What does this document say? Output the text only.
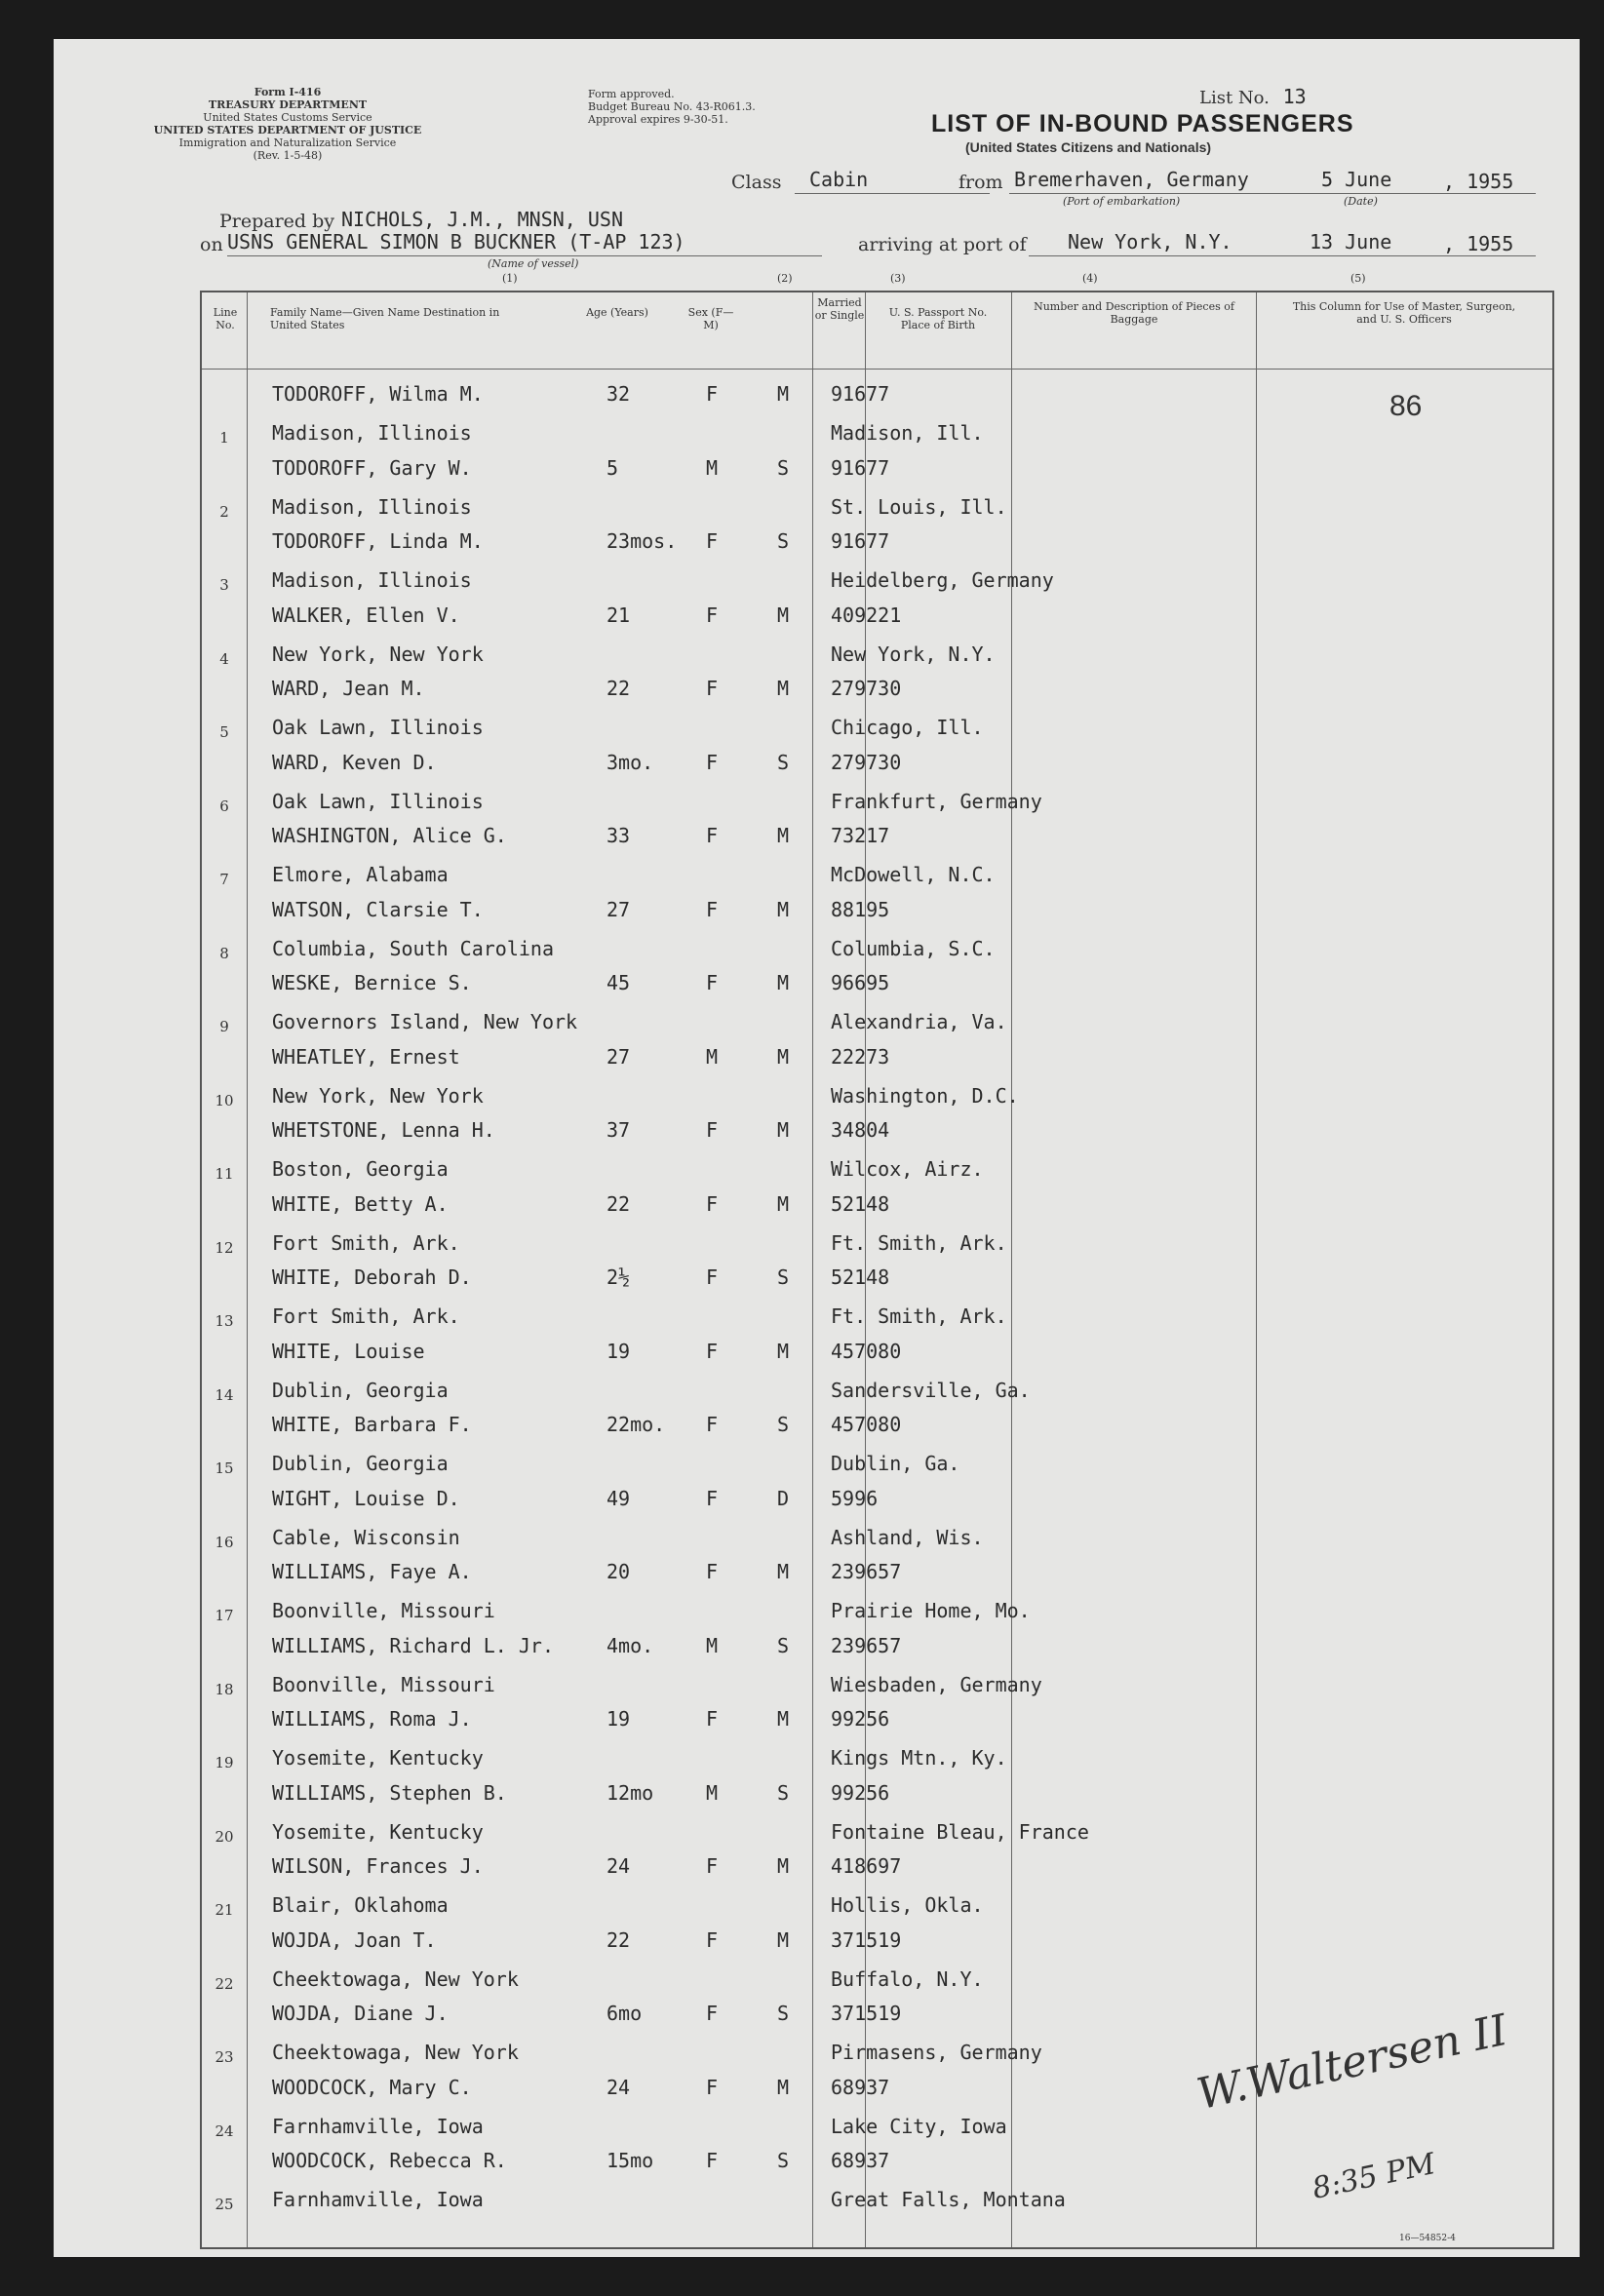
Form I-416
TREASURY DEPARTMENT
United States Customs Service
UNITED STATES DEPARTMENT OF JUSTICE
Immigration and Naturalization Service
(Rev. 1-5-48)
Form approved.
Budget Bureau No. 43-R061.3.
Approval expires 9-30-51.
List No. 13
LIST OF IN-BOUND PASSENGERS
(United States Citizens and Nationals)
Class Cabin	from Bremerhaven, Germany	5 June	, 1955
(Port of embarkation)	(Date)
Prepared by NICHOLS, J.M., MNSN, USN
on USNS GENERAL SIMON B BUCKNER (T-AP 123)
(Name of vessel)
arriving at port of New York, N.Y.	13 June	, 1955
(1)	(2)	(3)	(4)	(5)
Line No.
Family Name—Given Name Destination in United States
Age (Years)	Sex (F—M)
Married or Single	U. S. Passport No. Place of Birth
Number and Description of Pieces of Baggage
This Column for Use of Master, Surgeon, and U. S. Officers
86
1
TODOROFF, Wilma M.	32	F	M 91677
Madison, Illinois	Madison, Ill.
2
TODOROFF, Gary W.	5	M	S 91677
Madison, Illinois	St. Louis, Ill.
3
TODOROFF, Linda M.	23mos. F	S 91677
Madison, Illinois	Heidelberg, Germany
4
WALKER, Ellen V.	21	F	M 409221
New York, New York	New York, N.Y.
5
WARD, Jean M.	22	F	M 279730
Oak Lawn, Illinois	Chicago, Ill.
6
WARD, Keven D.	3mo.	F	S 279730
Oak Lawn, Illinois	Frankfurt, Germany
7
WASHINGTON, Alice G.	33	F	M 73217
Elmore, Alabama	McDowell, N.C.
8
WATSON, Clarsie T.	27	F	M 88195
Columbia, South Carolina	Columbia, S.C.
9
WESKE, Bernice S.	45	F	M 96695
Governors Island, New York	Alexandria, Va.
10
WHEATLEY, Ernest	27	M	M 22273
New York, New York	Washington, D.C.
11
WHETSTONE, Lenna H.	37	F	M 34804
Boston, Georgia	Wilcox, Airz.
12
WHITE, Betty A.	22	F	M 52148
Fort Smith, Ark.	Ft. Smith, Ark.
13
WHITE, Deborah D.	2½	F	S 52148
Fort Smith, Ark.	Ft. Smith, Ark.
14
WHITE, Louise	19	F	M 457080
Dublin, Georgia	Sandersville, Ga.
15
WHITE, Barbara F.	22mo. F	S 457080
Dublin, Georgia	Dublin, Ga.
16
WIGHT, Louise D.	49	F	D 5996
Cable, Wisconsin	Ashland, Wis.
17
WILLIAMS, Faye A.	20	F	M 239657
Boonville, Missouri	Prairie Home, Mo.
18
WILLIAMS, Richard L. Jr.	4mo.	M	S 239657
Boonville, Missouri	Wiesbaden, Germany
19
WILLIAMS, Roma J.	19	F	M 99256
Yosemite, Kentucky	Kings Mtn., Ky.
20
WILLIAMS, Stephen B.	12mo	M	S 99256
Yosemite, Kentucky	Fontaine Bleau, France
21
WILSON, Frances J.	24	F	M 418697
Blair, Oklahoma	Hollis, Okla.
22
WOJDA, Joan T.	22	F	M 371519
Cheektowaga, New York	Buffalo, N.Y.
23
WOJDA, Diane J.	6mo	F	S 371519
Cheektowaga, New York	Pirmasens, Germany
24
WOODCOCK, Mary C.	24	F	M 68937
Farnhamville, Iowa	Lake City, Iowa
25
WOODCOCK, Rebecca R.	15mo	F	S 68937
Farnhamville, Iowa	Great Falls, Montana
W.Waltersen II
8:35 PM
16—54852-4
